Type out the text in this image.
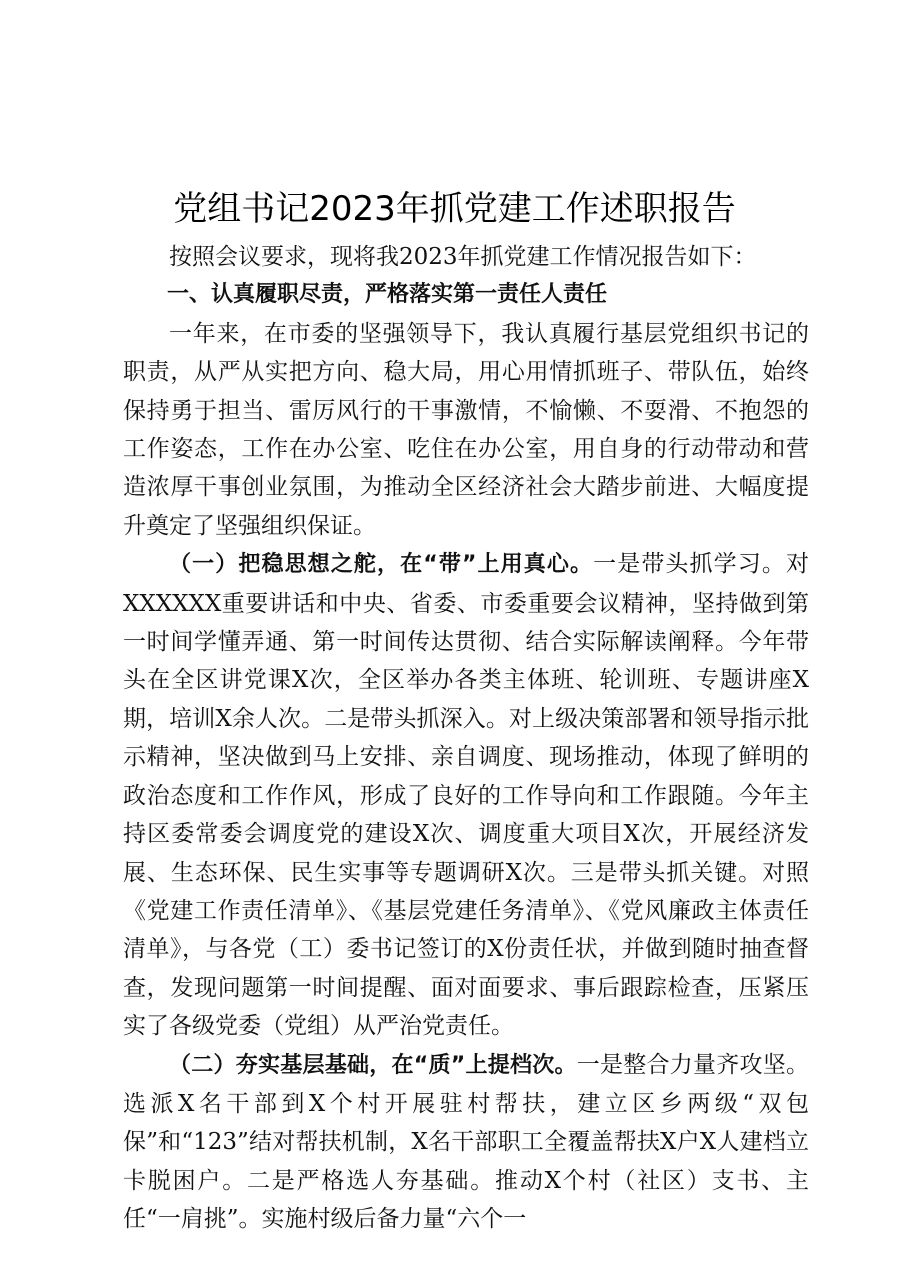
党组书记2023年抓党建工作述职报告

按照会议要求，现将我2023年抓党建工作情况报告如下：

一、认真履职尽责，严格落实第一责任人责任

一年来，在市委的坚强领导下，我认真履行基层党组织书记的职责，从严从实把方向、稳大局，用心用情抓班子、带队伍，始终保持勇于担当、雷厉风行的干事激情，不愉懒、不耍滑、不抱怨的工作姿态，工作在办公室、吃住在办公室，用自身的行动带动和营造浓厚干事创业氛围，为推动全区经济社会大踏步前进、大幅度提升奠定了坚强组织保证。

（一）把稳思想之舵，在“带”上用真心。一是带头抓学习。对XXXXXX重要讲话和中央、省委、市委重要会议精神，坚持做到第一时间学懂弄通、第一时间传达贯彻、结合实际解读阐释。今年带头在全区讲党课X次，全区举办各类主体班、轮训班、专题讲座X期，培训X余人次。二是带头抓深入。对上级决策部署和领导指示批示精神，坚决做到马上安排、亲自调度、现场推动，体现了鲜明的政治态度和工作作风，形成了良好的工作导向和工作跟随。今年主持区委常委会调度党的建设X次、调度重大项目X次，开展经济发展、生态环保、民生实事等专题调研X次。三是带头抓关键。对照《党建工作责任清单》、《基层党建任务清单》、《党风廉政主体责任清单》，与各党（工）委书记签订的X份责任状，并做到随时抽查督查，发现问题第一时间提醒、面对面要求、事后跟踪检查，压紧压实了各级党委（党组）从严治党责任。

（二）夯实基层基础，在“质”上提档次。一是整合力量齐攻坚。选派X名干部到X个村开展驻村帮扶，建立区乡两级“双包保”和“123”结对帮扶机制，X名干部职工全覆盖帮扶X户X人建档立卡脱困户。二是严格选人夯基础。推动X个村（社区）支书、主任“一肩挑”。实施村级后备力量“六个一
